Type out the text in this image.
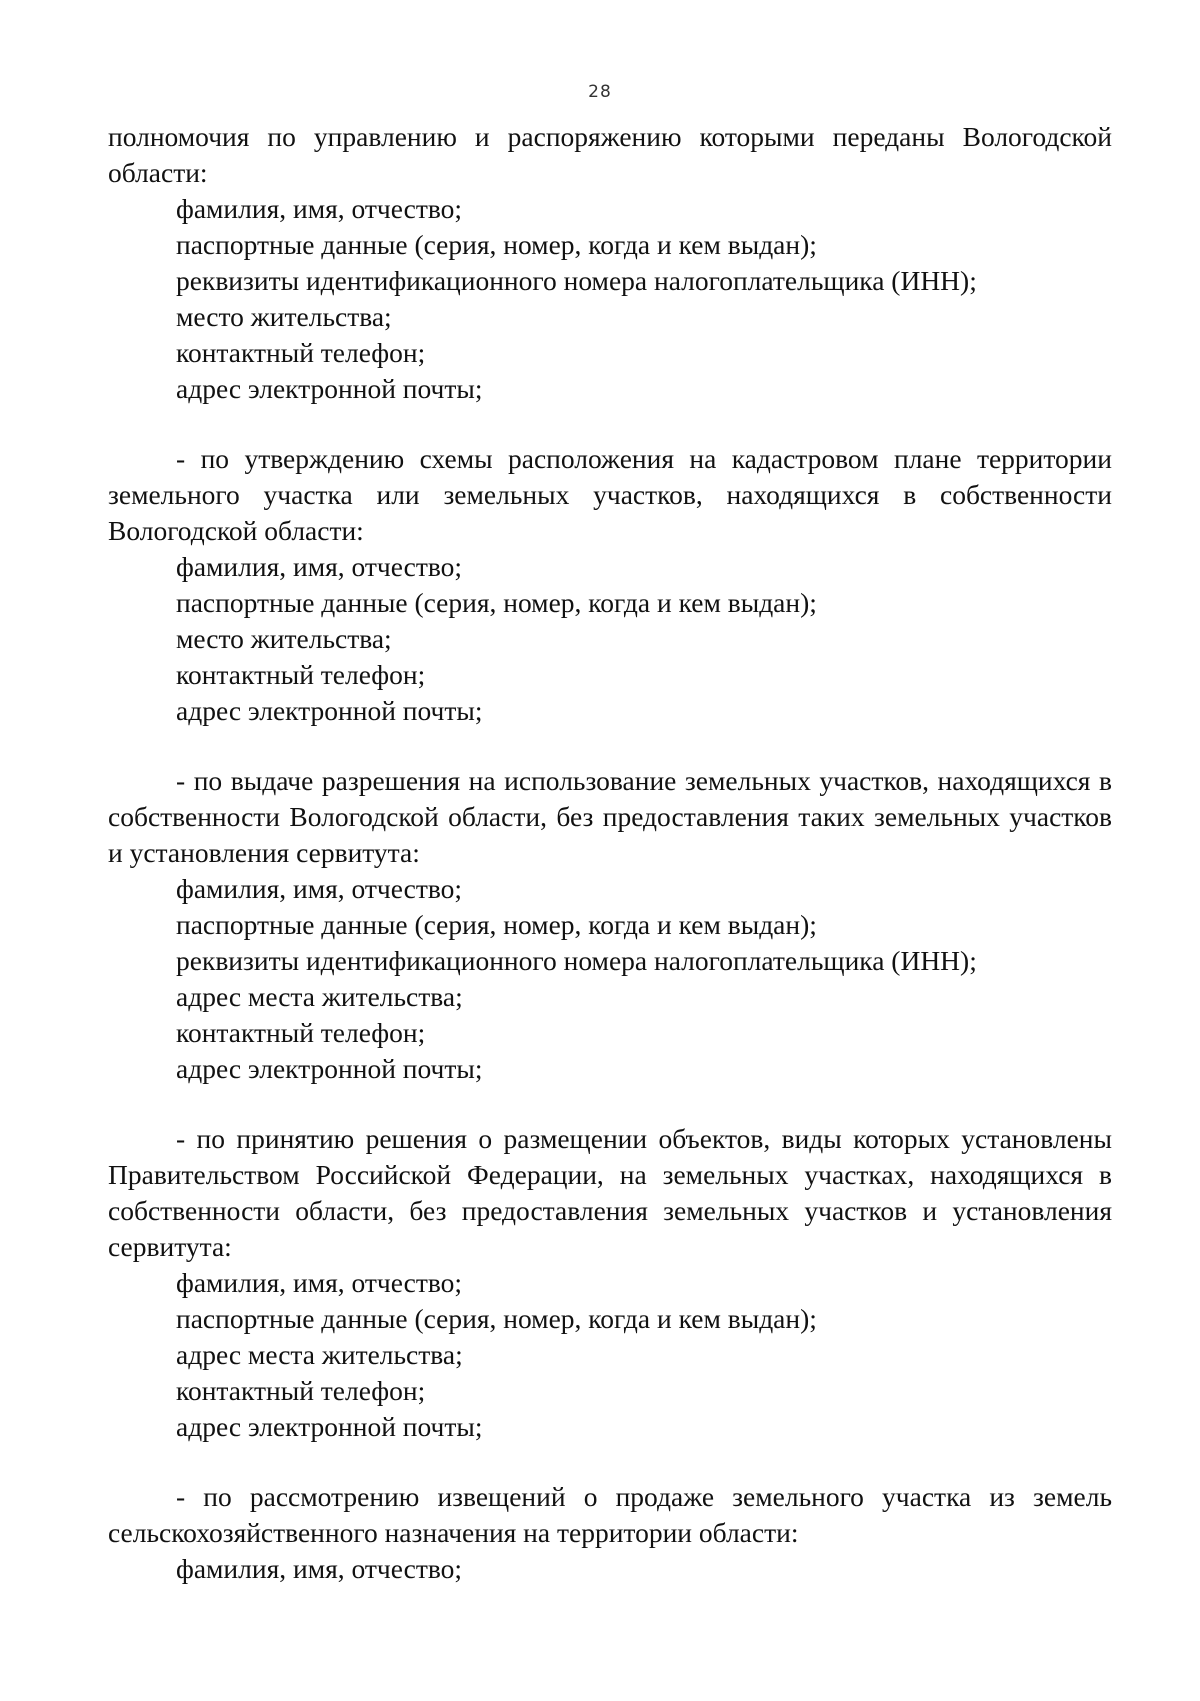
28

полномочия по управлению и распоряжению которыми переданы Вологодской области:

фамилия, имя, отчество;

паспортные данные (серия, номер, когда и кем выдан);

реквизиты идентификационного номера налогоплательщика (ИНН);

место жительства;

контактный телефон;

адрес электронной почты;

- по утверждению схемы расположения на кадастровом плане территории земельного участка или земельных участков, находящихся в собственности Вологодской области:

фамилия, имя, отчество;

паспортные данные (серия, номер, когда и кем выдан);

место жительства;

контактный телефон;

адрес электронной почты;

- по выдаче разрешения на использование земельных участков, находящихся в собственности Вологодской области, без предоставления таких земельных участков и установления сервитута:

фамилия, имя, отчество;

паспортные данные (серия, номер, когда и кем выдан);

реквизиты идентификационного номера налогоплательщика (ИНН);

адрес места жительства;

контактный телефон;

адрес электронной почты;

- по принятию решения о размещении объектов, виды которых установлены Правительством Российской Федерации, на земельных участках, находящихся в собственности области, без предоставления земельных участков и установления сервитута:

фамилия, имя, отчество;

паспортные данные (серия, номер, когда и кем выдан);

адрес места жительства;

контактный телефон;

адрес электронной почты;

- по рассмотрению извещений о продаже земельного участка из земель сельскохозяйственного назначения на территории области:

фамилия, имя, отчество;
